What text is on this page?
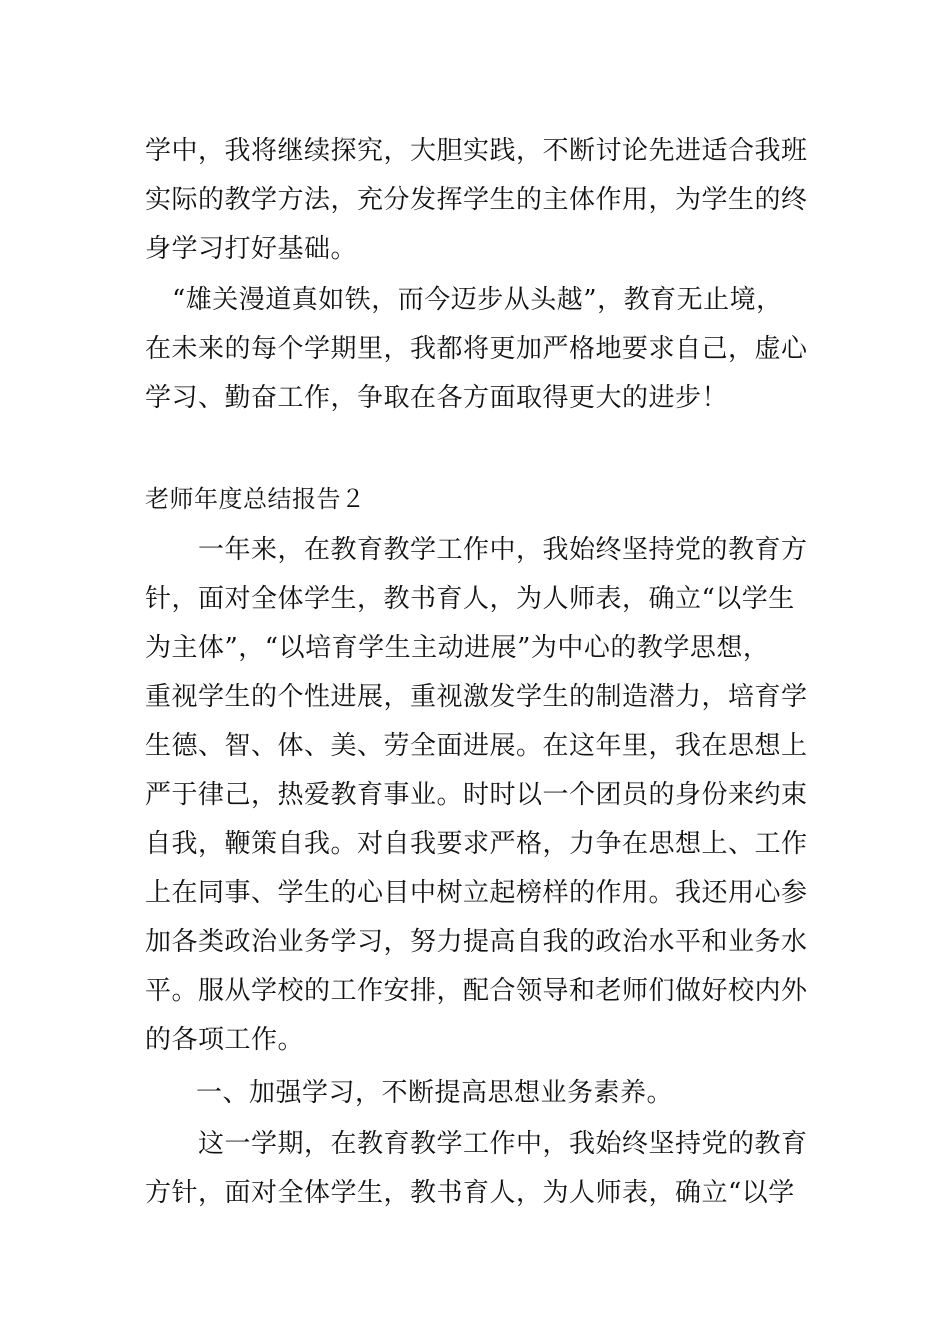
学中，我将继续探究，大胆实践，不断讨论先进适合我班
实际的教学方法，充分发挥学生的主体作用，为学生的终
身学习打好基础。
“雄关漫道真如铁，而今迈步从头越”，教育无止境，
在未来的每个学期里，我都将更加严格地要求自己，虚心
学习、勤奋工作，争取在各方面取得更大的进步！
老师年度总结报告２
一年来，在教育教学工作中，我始终坚持党的教育方
针，面对全体学生，教书育人，为人师表，确立“以学生
为主体”，“以培育学生主动进展”为中心的教学思想，
重视学生的个性进展，重视激发学生的制造潜力，培育学
生德、智、体、美、劳全面进展。在这年里，我在思想上
严于律己，热爱教育事业。时时以一个团员的身份来约束
自我，鞭策自我。对自我要求严格，力争在思想上、工作
上在同事、学生的心目中树立起榜样的作用。我还用心参
加各类政治业务学习，努力提高自我的政治水平和业务水
平。服从学校的工作安排，配合领导和老师们做好校内外
的各项工作。
一、加强学习，不断提高思想业务素养。
这一学期，在教育教学工作中，我始终坚持党的教育
方针，面对全体学生，教书育人，为人师表，确立“以学
